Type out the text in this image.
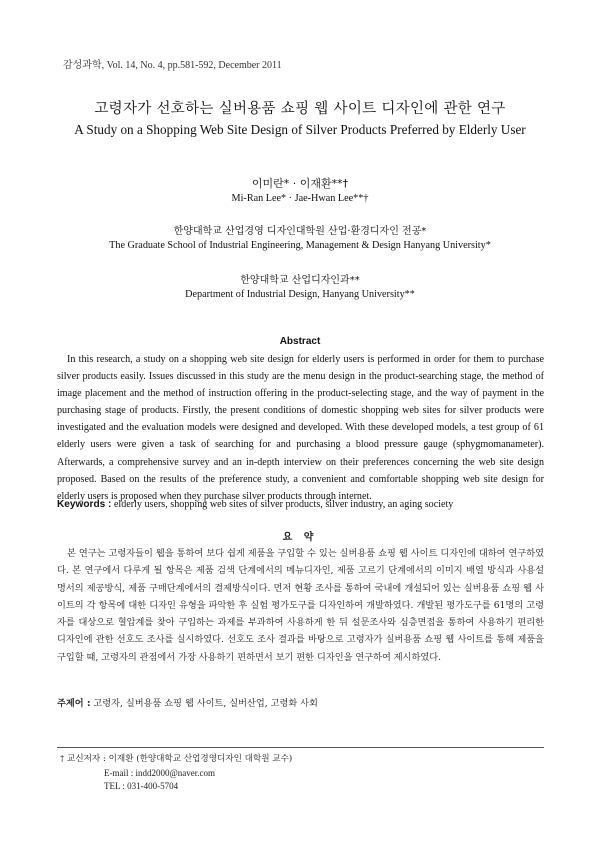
감성과학, Vol. 14, No. 4, pp.581-592, December 2011
고령자가 선호하는 실버용품 쇼핑 웹 사이트 디자인에 관한 연구
A Study on a Shopping Web Site Design of Silver Products Preferred by Elderly User
이미란* · 이재환**†
Mi-Ran Lee* · Jae-Hwan Lee**†
한양대학교 산업경영 디자인대학원 산업·환경디자인 전공*
The Graduate School of Industrial Engineering, Management & Design Hanyang University*
한양대학교 산업디자인과**
Department of Industrial Design, Hanyang University**
Abstract

In this research, a study on a shopping web site design for elderly users is performed in order for them to purchase silver products easily. Issues discussed in this study are the menu design in the product-searching stage, the method of image placement and the method of instruction offering in the product-selecting stage, and the way of payment in the purchasing stage of products. Firstly, the present conditions of domestic shopping web sites for silver products were investigated and the evaluation models were designed and developed. With these developed models, a test group of 61 elderly users were given a task of searching for and purchasing a blood pressure gauge (sphygmomanameter). Afterwards, a comprehensive survey and an in-depth interview on their preferences concerning the web site design proposed. Based on the results of the preference study, a convenient and comfortable shopping web site design for elderly users is proposed when they purchase silver products through internet.

Keywords : elderly users, shopping web sites of silver products, silver industry, an aging society
요 약

본 연구는 고령자들이 웹을 통하여 보다 쉽게 제품을 구입할 수 있는 실버용품 쇼핑 웹 사이트 디자인에 대하여 연구하였다. 본 연구에서 다루게 될 항목은 제품 검색 단계에서의 메뉴디자인, 제품 고르기 단계에서의 이미지 배열 방식과 사용설명서의 제공방식, 제품 구매단계에서의 결제방식이다. 먼저 현황 조사를 통하여 국내에 개설되어 있는 실버용품 쇼핑 웹 사이트의 각 항목에 대한 디자인 유형을 파악한 후 실험 평가도구를 디자인하여 개발하였다. 개발된 평가도구를 61명의 고령자를 대상으로 혈압계를 찾아 구입하는 과제를 부과하여 사용하게 한 뒤 설문조사와 심층면접을 통하여 사용하기 편리한 디자인에 관한 선호도 조사를 실시하였다. 선호도 조사 결과를 바탕으로 고령자가 실버용품 쇼핑 웹 사이트를 통해 제품을 구입할 때, 고령자의 관점에서 가장 사용하기 편하면서 보기 편한 디자인을 연구하여 제시하였다.

주제어 : 고령자, 실버용품 쇼핑 웹 사이트, 실버산업, 고령화 사회
† 교신저자 : 이재환 (한양대학교 산업경영디자인 대학원 교수)
E-mail : indd2000@naver.com
TEL : 031-400-5704
